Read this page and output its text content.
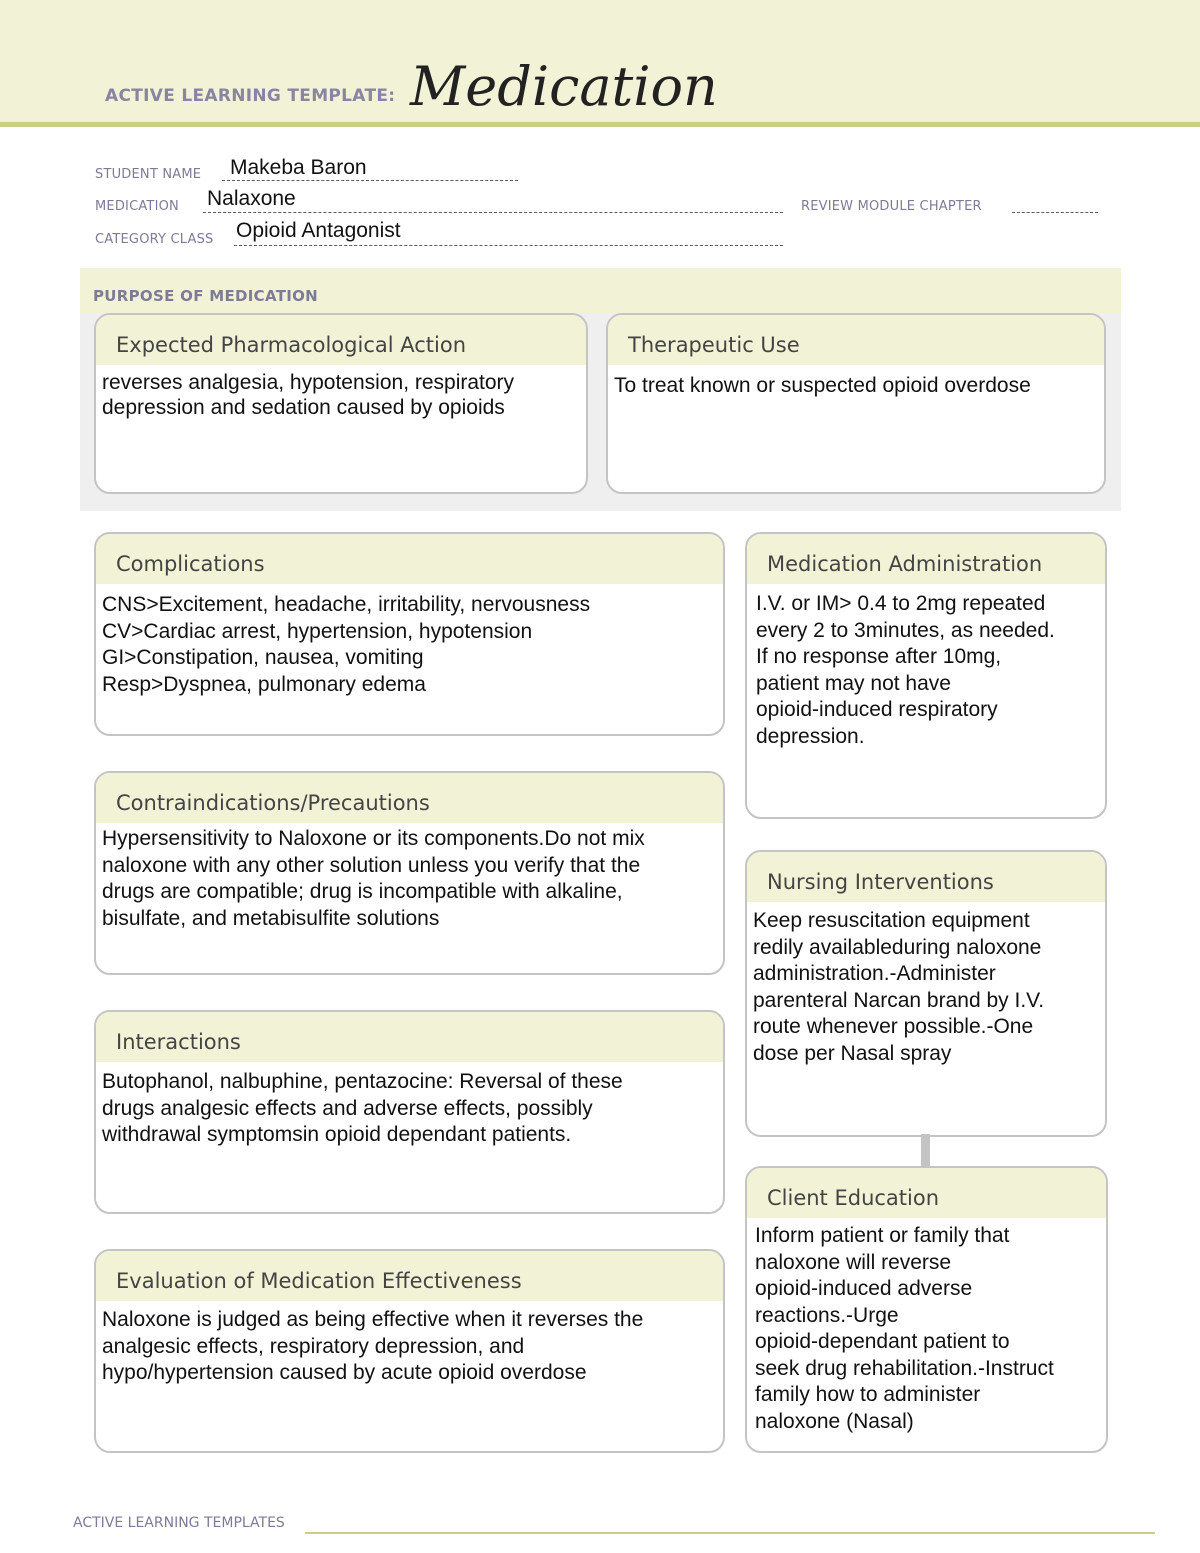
ACTIVE LEARNING TEMPLATE: Medication
STUDENT NAME Makeba Baron
MEDICATION Nalaxone	REVIEW MODULE CHAPTER
CATEGORY CLASS Opioid Antagonist
PURPOSE OF MEDICATION
Expected Pharmacological Action
reverses analgesia, hypotension, respiratory
depression and sedation caused by opioids
Therapeutic Use
To treat known or suspected opioid overdose
Complications
CNS>Excitement, headache, irritability, nervousness
CV>Cardiac arrest, hypertension, hypotension
GI>Constipation, nausea, vomiting
Resp>Dyspnea, pulmonary edema
Contraindications/Precautions
Hypersensitivity to Naloxone or its components.Do not mix
naloxone with any other solution unless you verify that the
drugs are compatible; drug is incompatible with alkaline,
bisulfate, and metabisulfite solutions
Interactions
Butophanol, nalbuphine, pentazocine: Reversal of these
drugs analgesic effects and adverse effects, possibly
withdrawal symptomsin opioid dependant patients.
Evaluation of Medication Effectiveness
Naloxone is judged as being effective when it reverses the
analgesic effects, respiratory depression, and
hypo/hypertension caused by acute opioid overdose
Medication Administration
I.V. or IM> 0.4 to 2mg repeated
every 2 to 3minutes, as needed.
If no response after 10mg,
patient may not have
opioid-induced respiratory
depression.
Nursing Interventions
Keep resuscitation equipment
redily availableduring naloxone
administration.-Administer
parenteral Narcan brand by I.V.
route whenever possible.-One
dose per Nasal spray
Client Education
Inform patient or family that
naloxone will reverse
opioid-induced adverse
reactions.-Urge
opioid-dependant patient to
seek drug rehabilitation.-Instruct
family how to administer
naloxone (Nasal)
ACTIVE LEARNING TEMPLATES
